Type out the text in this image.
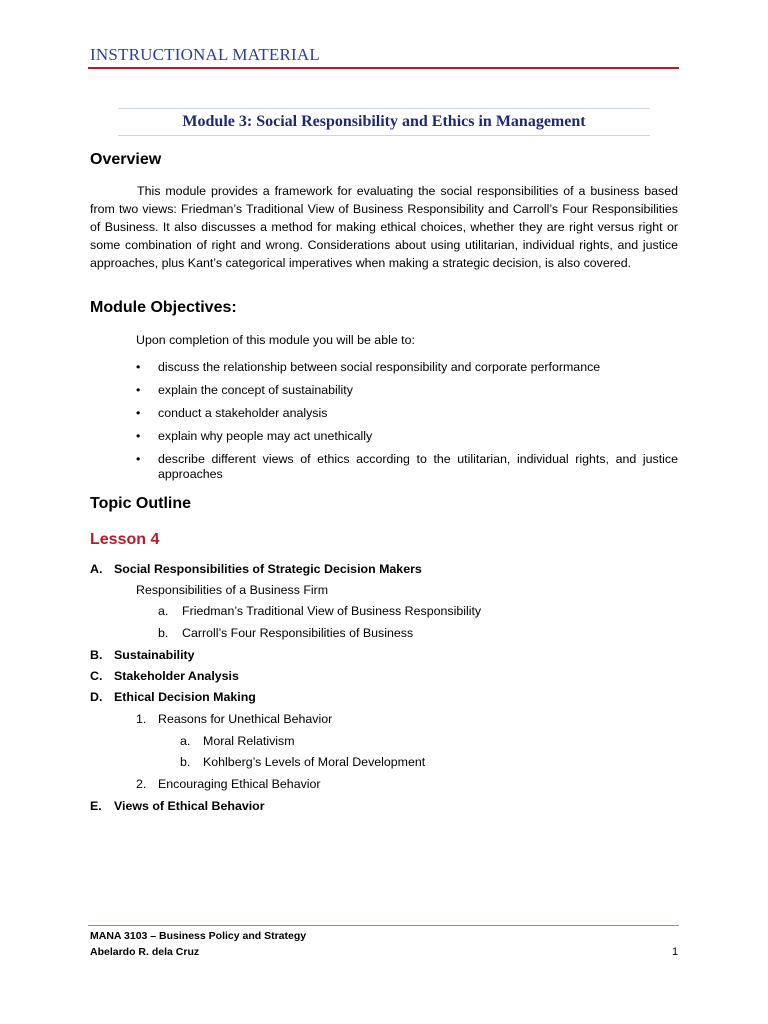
INSTRUCTIONAL MATERIAL
Module 3: Social Responsibility and Ethics in Management
Overview
This module provides a framework for evaluating the social responsibilities of a business based from two views: Friedman’s Traditional View of Business Responsibility and Carroll’s Four Responsibilities of Business. It also discusses a method for making ethical choices, whether they are right versus right or some combination of right and wrong. Considerations about using utilitarian, individual rights, and justice approaches, plus Kant’s categorical imperatives when making a strategic decision, is also covered.
Module Objectives:
Upon completion of this module you will be able to:
• discuss the relationship between social responsibility and corporate performance
• explain the concept of sustainability
• conduct a stakeholder analysis
• explain why people may act unethically
• describe different views of ethics according to the utilitarian, individual rights, and justice approaches
Topic Outline
Lesson 4
A. Social Responsibilities of Strategic Decision Makers
Responsibilities of a Business Firm
a. Friedman’s Traditional View of Business Responsibility
b. Carroll’s Four Responsibilities of Business
B. Sustainability
C. Stakeholder Analysis
D. Ethical Decision Making
1. Reasons for Unethical Behavior
a. Moral Relativism
b. Kohlberg’s Levels of Moral Development
2. Encouraging Ethical Behavior
E. Views of Ethical Behavior
MANA 3103 – Business Policy and Strategy
Abelardo R. dela Cruz	1
